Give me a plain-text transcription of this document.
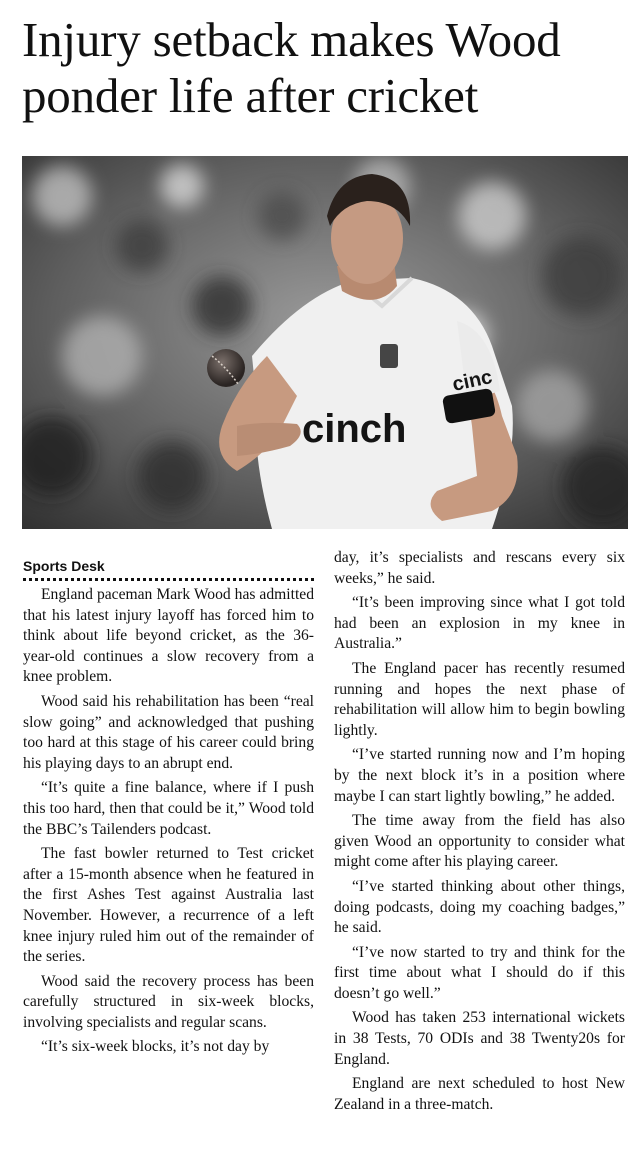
Injury setback makes Wood ponder life after cricket
cinch
cinc
Sports Desk

England paceman Mark Wood has admitted that his latest injury layoff has forced him to think about life beyond cricket, as the 36-year-old continues a slow recovery from a knee problem.

Wood said his rehabilitation has been “real slow going” and acknowledged that pushing too hard at this stage of his career could bring his playing days to an abrupt end.

“It’s quite a fine balance, where if I push this too hard, then that could be it,” Wood told the BBC’s Tailenders podcast.

The fast bowler returned to Test cricket after a 15-month absence when he featured in the first Ashes Test against Australia last November. However, a recurrence of a left knee injury ruled him out of the remainder of the series.

Wood said the recovery process has been carefully structured in six-week blocks, involving specialists and regular scans.

“It’s six-week blocks, it’s not day by

day, it’s specialists and rescans every six weeks,” he said.

“It’s been improving since what I got told had been an explosion in my knee in Australia.”

The England pacer has recently resumed running and hopes the next phase of rehabilitation will allow him to begin bowling lightly.

“I’ve started running now and I’m hoping by the next block it’s in a position where maybe I can start lightly bowling,” he added.

The time away from the field has also given Wood an opportunity to consider what might come after his playing career.

“I’ve started thinking about other things, doing podcasts, doing my coaching badges,” he said.

“I’ve now started to try and think for the first time about what I should do if this doesn’t go well.”

Wood has taken 253 international wickets in 38 Tests, 70 ODIs and 38 Twenty20s for England.

England are next scheduled to host New Zealand in a three-match.
